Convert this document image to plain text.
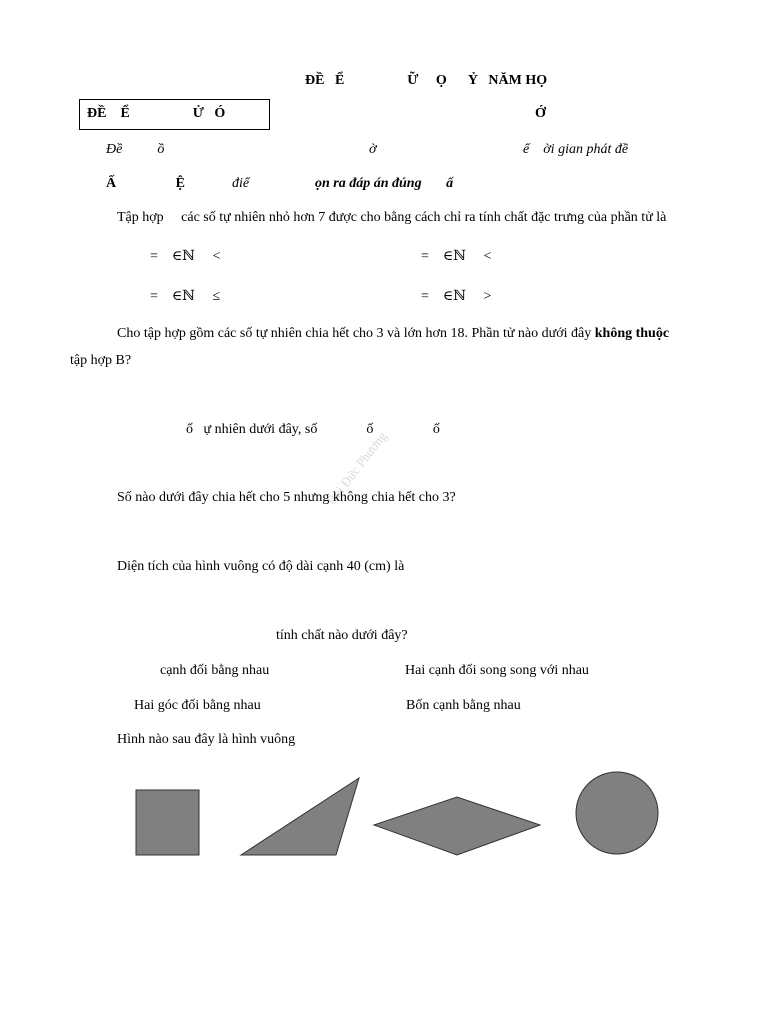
ĐỀ   Ể                  Ữ     Ọ      Ỷ   NĂM HỌ
ĐỀ    Ể                  Ử   Ó	Ớ
Đề          ồ	ờ	ể    ời gian phát đề
Ấ                 Ệ	điể	ọn ra đáp án đúng       ấ
Tập hợp     các số tự nhiên nhỏ hơn 7 được cho bằng cách chỉ ra tính chất đặc trưng của phần tử là
=    ∈ℕ     <	=    ∈ℕ     <
=    ∈ℕ     ≤	=    ∈ℕ     >
Cho tập hợp gồm các số tự nhiên chia hết cho 3 và lớn hơn 18. Phần tử nào dưới đây không thuộc
tập hợp B?
ố   ự nhiên dưới đây, số              ố                 ố
Bùi Đức Phương
Số nào dưới đây chia hết cho 5 nhưng không chia hết cho 3?
Diện tích của hình vuông có độ dài cạnh 40 (cm) là
tính chất nào dưới đây?
cạnh đối bằng nhau	Hai cạnh đối song song với nhau
Hai góc đối bằng nhau	Bốn cạnh bằng nhau
Hình nào sau đây là hình vuông
